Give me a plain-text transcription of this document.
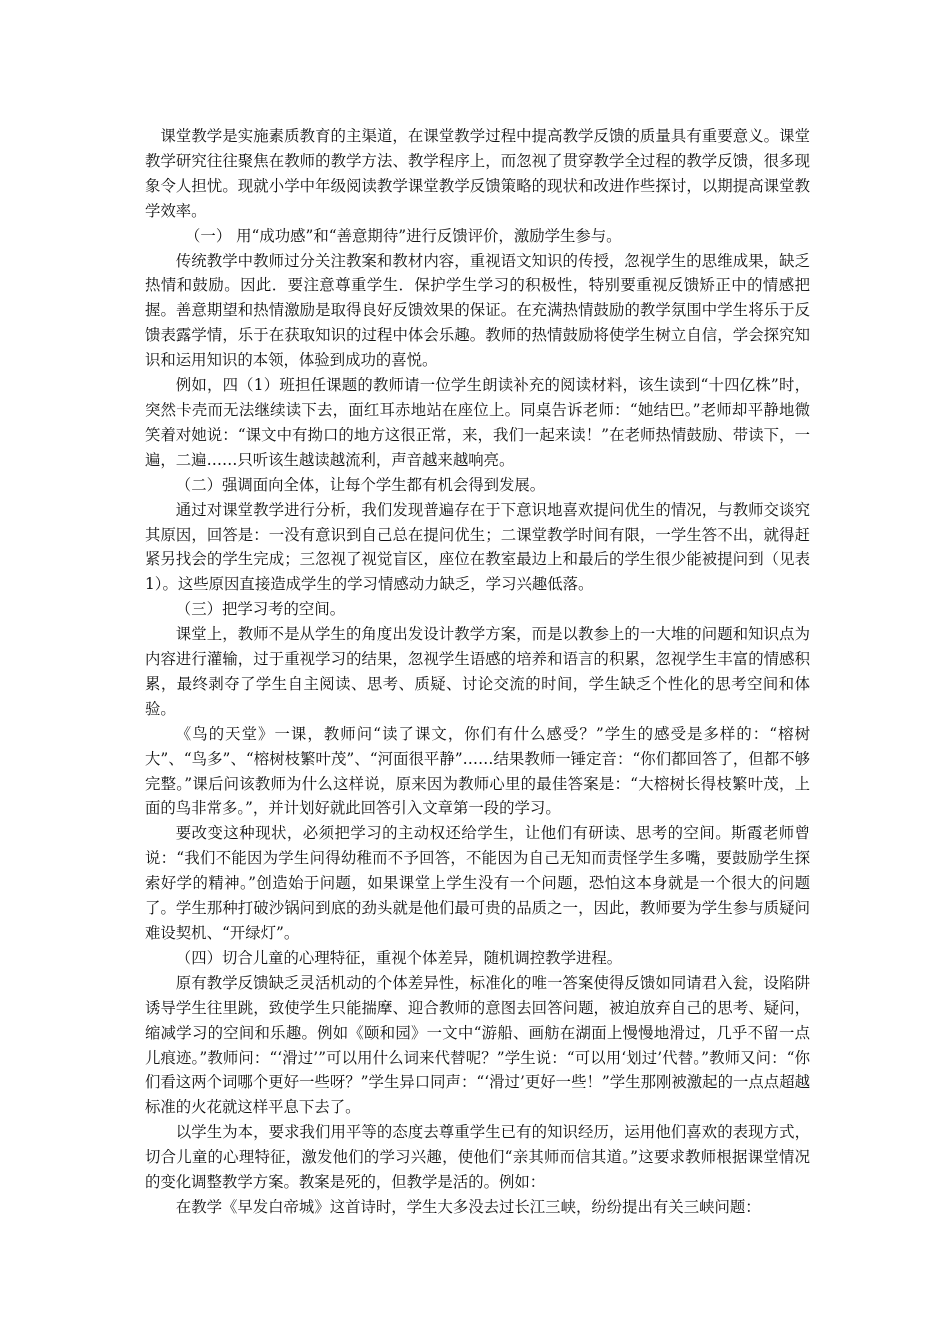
课堂教学是实施素质教育的主渠道，在课堂教学过程中提高教学反馈的质量具有重要意义。课堂教学研究往往聚焦在教师的教学方法、教学程序上，而忽视了贯穿教学全过程的教学反馈，很多现象令人担忧。现就小学中年级阅读教学课堂教学反馈策略的现状和改进作些探讨，以期提高课堂教学效率。

（一） 用“成功感”和“善意期待”进行反馈评价，激励学生参与。

传统教学中教师过分关注教案和教材内容，重视语文知识的传授，忽视学生的思维成果，缺乏热情和鼓励。因此．要注意尊重学生．保护学生学习的积极性，特别要重视反馈矫正中的情感把握。善意期望和热情激励是取得良好反馈效果的保证。在充满热情鼓励的教学氛围中学生将乐于反馈表露学情，乐于在获取知识的过程中体会乐趣。教师的热情鼓励将使学生树立自信，学会探究知识和运用知识的本领，体验到成功的喜悦。

例如，四（1）班担任课题的教师请一位学生朗读补充的阅读材料，该生读到“十四亿株”时，突然卡壳而无法继续读下去，面红耳赤地站在座位上。同桌告诉老师：“她结巴。”老师却平静地微笑着对她说：“课文中有拗口的地方这很正常，来，我们一起来读！”在老师热情鼓励、带读下，一遍，二遍……只听该生越读越流利，声音越来越响亮。

（二）强调面向全体，让每个学生都有机会得到发展。

通过对课堂教学进行分析，我们发现普遍存在于下意识地喜欢提问优生的情况，与教师交谈究其原因，回答是：一没有意识到自己总在提问优生；二课堂教学时间有限，一学生答不出，就得赶紧另找会的学生完成；三忽视了视觉盲区，座位在教室最边上和最后的学生很少能被提问到（见表1）。这些原因直接造成学生的学习情感动力缺乏，学习兴趣低落。

（三）把学习考的空间。

课堂上，教师不是从学生的角度出发设计教学方案，而是以教参上的一大堆的问题和知识点为内容进行灌输，过于重视学习的结果，忽视学生语感的培养和语言的积累，忽视学生丰富的情感积累，最终剥夺了学生自主阅读、思考、质疑、讨论交流的时间，学生缺乏个性化的思考空间和体验。

《鸟的天堂》一课，教师问“读了课文，你们有什么感受？”学生的感受是多样的：“榕树大”、“鸟多”、“榕树枝繁叶茂”、“河面很平静”……结果教师一锤定音：“你们都回答了，但都不够完整。”课后问该教师为什么这样说，原来因为教师心里的最佳答案是：“大榕树长得枝繁叶茂，上面的鸟非常多。”，并计划好就此回答引入文章第一段的学习。

要改变这种现状，必须把学习的主动权还给学生，让他们有研读、思考的空间。斯霞老师曾说：“我们不能因为学生问得幼稚而不予回答，不能因为自己无知而责怪学生多嘴，要鼓励学生探索好学的精神。”创造始于问题，如果课堂上学生没有一个问题，恐怕这本身就是一个很大的问题了。学生那种打破沙锅问到底的劲头就是他们最可贵的品质之一，因此，教师要为学生参与质疑问难设契机、“开绿灯”。

（四）切合儿童的心理特征，重视个体差异，随机调控教学进程。

原有教学反馈缺乏灵活机动的个体差异性，标准化的唯一答案使得反馈如同请君入瓮，设陷阱诱导学生往里跳，致使学生只能揣摩、迎合教师的意图去回答问题，被迫放弃自己的思考、疑问，缩减学习的空间和乐趣。例如《颐和园》一文中“游船、画舫在湖面上慢慢地滑过，几乎不留一点儿痕迹。”教师问：“‘滑过’”可以用什么词来代替呢？”学生说：“可以用‘划过’代替。”教师又问：“你们看这两个词哪个更好一些呀？”学生异口同声：“‘滑过’更好一些！”学生那刚被激起的一点点超越标准的火花就这样平息下去了。

以学生为本，要求我们用平等的态度去尊重学生已有的知识经历，运用他们喜欢的表现方式，切合儿童的心理特征，激发他们的学习兴趣，使他们“亲其师而信其道。”这要求教师根据课堂情况的变化调整教学方案。教案是死的，但教学是活的。例如：

在教学《早发白帝城》这首诗时，学生大多没去过长江三峡，纷纷提出有关三峡问题：
